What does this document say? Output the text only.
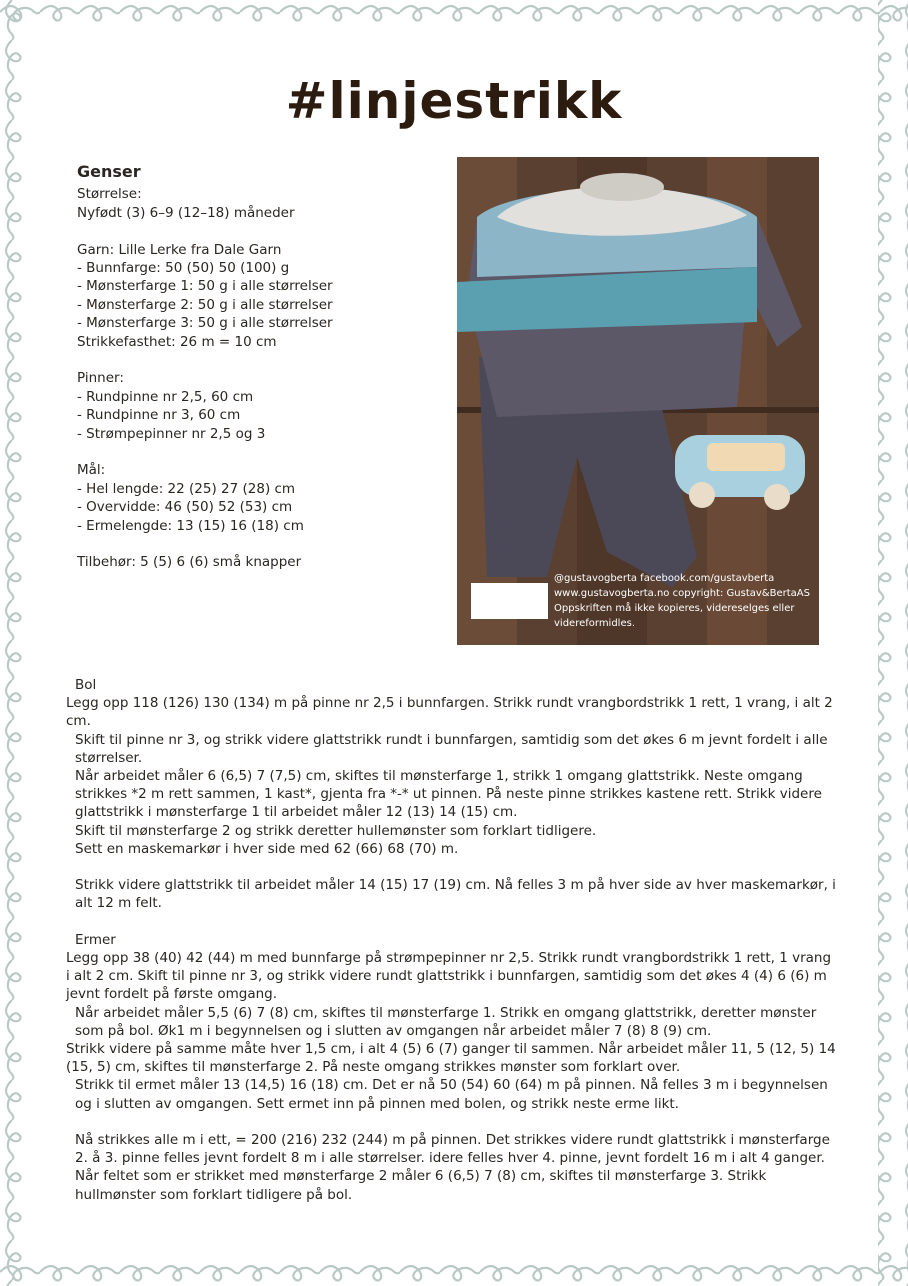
#linjestrikk
Genser
Størrelse:
Nyfødt (3) 6–9 (12–18) måneder
Garn: Lille Lerke fra Dale Garn
- Bunnfarge: 50 (50) 50 (100) g
- Mønsterfarge 1: 50 g i alle størrelser
- Mønsterfarge 2: 50 g i alle størrelser
- Mønsterfarge 3: 50 g i alle størrelser
Strikkefasthet: 26 m = 10 cm
Pinner:
- Rundpinne nr 2,5, 60 cm
- Rundpinne nr 3, 60 cm
- Strømpepinner nr 2,5 og 3
Mål:
- Hel lengde: 22 (25) 27 (28) cm
- Overvidde: 46 (50) 52 (53) cm
- Ermelengde: 13 (15) 16 (18) cm
Tilbehør: 5 (5) 6 (6) små knapper
@gustavogberta facebook.com/gustavberta www.gustavogberta.no copyright: Gustav&BertaAS Oppskriften må ikke kopieres, videreselges eller videreformidles.
Bol
Legg opp 118 (126) 130 (134) m på pinne nr 2,5 i bunnfargen. Strikk rundt vrangbordstrikk 1 rett, 1 vrang, i alt 2 cm.
Skift til pinne nr 3, og strikk videre glattstrikk rundt i bunnfargen, samtidig som det økes 6 m jevnt fordelt i alle størrelser.
Når arbeidet måler 6 (6,5) 7 (7,5) cm, skiftes til mønsterfarge 1, strikk 1 omgang glattstrikk. Neste omgang strikkes *2 m rett sammen, 1 kast*, gjenta fra *-* ut pinnen. På neste pinne strikkes kastene rett. Strikk videre glattstrikk i mønsterfarge 1 til arbeidet måler 12 (13) 14 (15) cm.
Skift til mønsterfarge 2 og strikk deretter hullemønster som forklart tidligere.
Sett en maskemarkør i hver side med 62 (66) 68 (70) m.
Strikk videre glattstrikk til arbeidet måler 14 (15) 17 (19) cm. Nå felles 3 m på hver side av hver maskemarkør, i alt 12 m felt.
Ermer
Legg opp 38 (40) 42 (44) m med bunnfarge på strømpepinner nr 2,5. Strikk rundt vrangbordstrikk 1 rett, 1 vrang i alt 2 cm. Skift til pinne nr 3, og strikk videre rundt glattstrikk i bunnfargen, samtidig som det økes 4 (4) 6 (6) m jevnt fordelt på første omgang.
Når arbeidet måler 5,5 (6) 7 (8) cm, skiftes til mønsterfarge 1. Strikk en omgang glattstrikk, deretter mønster som på bol. Øk1 m i begynnelsen og i slutten av omgangen når arbeidet måler 7 (8) 8 (9) cm.
Strikk videre på samme måte hver 1,5 cm, i alt 4 (5) 6 (7) ganger til sammen. Når arbeidet måler 11, 5 (12, 5) 14 (15, 5) cm, skiftes til mønsterfarge 2. På neste omgang strikkes mønster som forklart over.
Strikk til ermet måler 13 (14,5) 16 (18) cm. Det er nå 50 (54) 60 (64) m på pinnen. Nå felles 3 m i begynnelsen og i slutten av omgangen. Sett ermet inn på pinnen med bolen, og strikk neste erme likt.
Nå strikkes alle m i ett, = 200 (216) 232 (244) m på pinnen. Det strikkes videre rundt glattstrikk i mønsterfarge 2. å 3. pinne felles jevnt fordelt 8 m i alle størrelser. idere felles hver 4. pinne, jevnt fordelt 16 m i alt 4 ganger. Når feltet som er strikket med mønsterfarge 2 måler 6 (6,5) 7 (8) cm, skiftes til mønsterfarge 3. Strikk hullmønster som forklart tidligere på bol.
